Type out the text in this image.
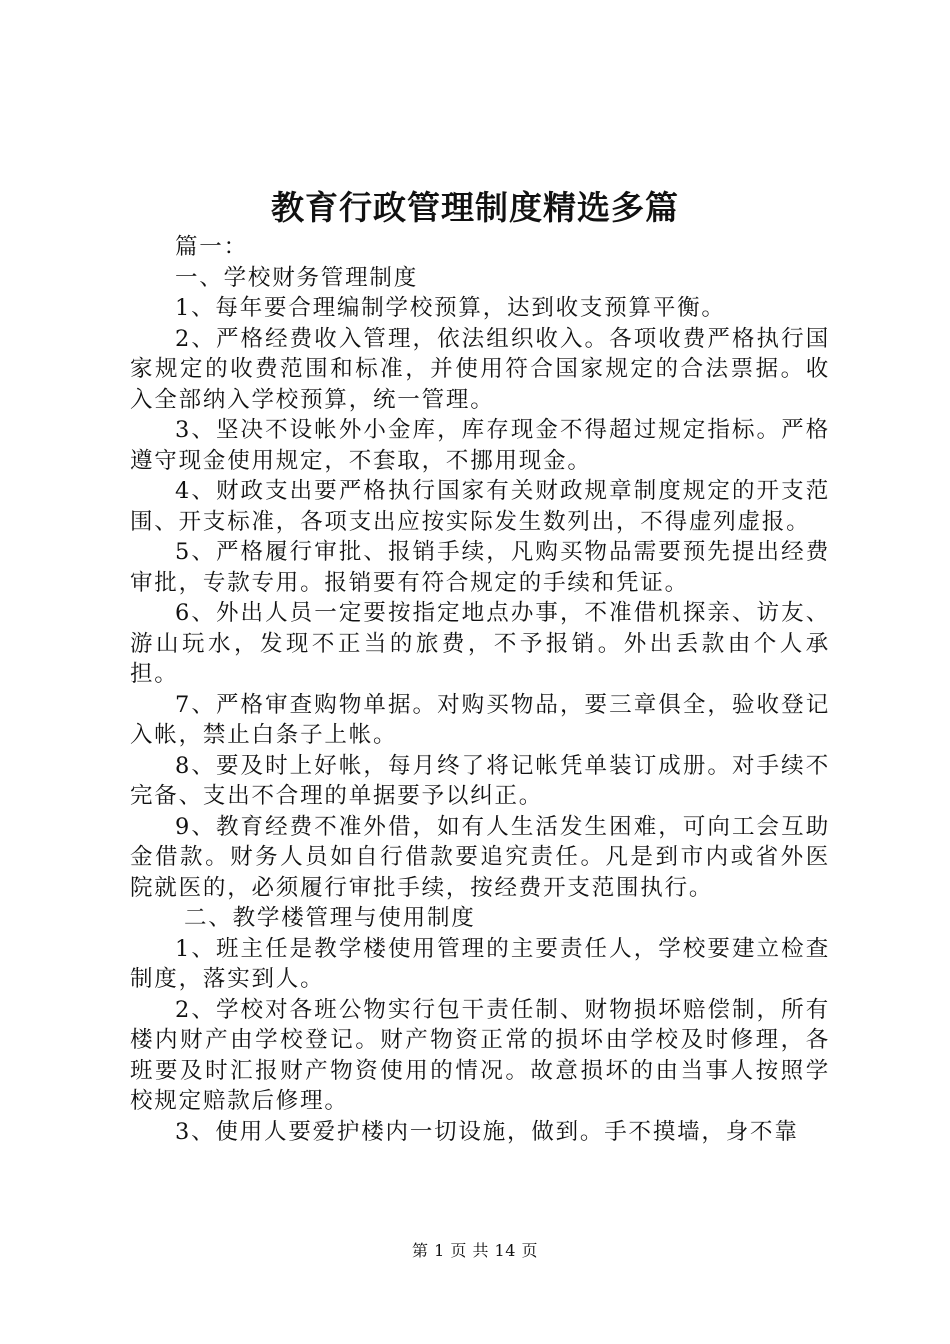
教育行政管理制度精选多篇

篇一：

一、学校财务管理制度

1、每年要合理编制学校预算，达到收支预算平衡。

2、严格经费收入管理，依法组织收入。各项收费严格执行国家规定的收费范围和标准，并使用符合国家规定的合法票据。收入全部纳入学校预算，统一管理。

3、坚决不设帐外小金库，库存现金不得超过规定指标。严格遵守现金使用规定，不套取，不挪用现金。

4、财政支出要严格执行国家有关财政规章制度规定的开支范围、开支标准，各项支出应按实际发生数列出，不得虚列虚报。

5、严格履行审批、报销手续，凡购买物品需要预先提出经费审批，专款专用。报销要有符合规定的手续和凭证。

6、外出人员一定要按指定地点办事，不准借机探亲、访友、游山玩水，发现不正当的旅费，不予报销。外出丢款由个人承担。

7、严格审查购物单据。对购买物品，要三章俱全，验收登记入帐，禁止白条子上帐。

8、要及时上好帐，每月终了将记帐凭单装订成册。对手续不完备、支出不合理的单据要予以纠正。

9、教育经费不准外借，如有人生活发生困难，可向工会互助金借款。财务人员如自行借款要追究责任。凡是到市内或省外医院就医的，必须履行审批手续，按经费开支范围执行。

二、教学楼管理与使用制度

1、班主任是教学楼使用管理的主要责任人，学校要建立检查制度，落实到人。

2、学校对各班公物实行包干责任制、财物损坏赔偿制，所有楼内财产由学校登记。财产物资正常的损坏由学校及时修理，各班要及时汇报财产物资使用的情况。故意损坏的由当事人按照学校规定赔款后修理。

3、使用人要爱护楼内一切设施，做到。手不摸墙，身不靠

第 1 页 共 14 页
